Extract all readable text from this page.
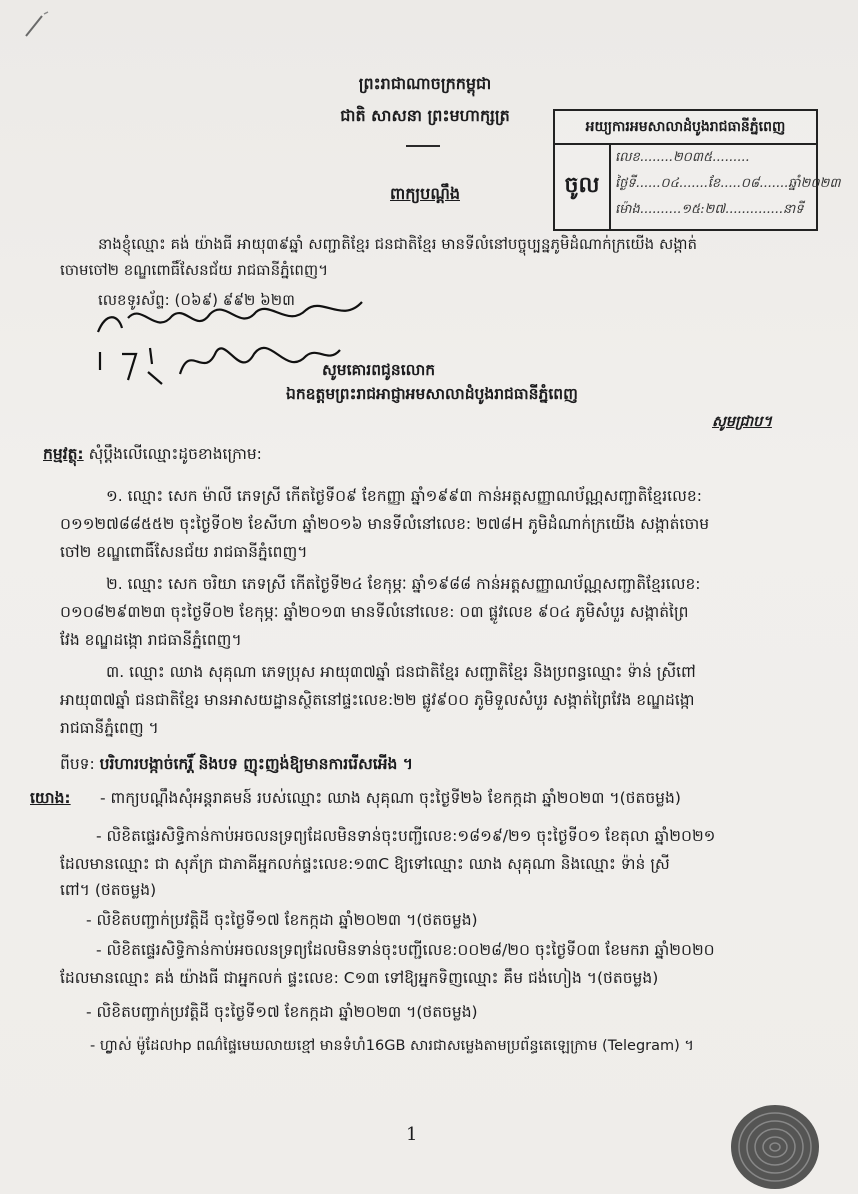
ព្រះរាជាណាចក្រកម្ពុជា
ជាតិ សាសនា ព្រះមហាក្សត្រ
ពាក្យបណ្តឹង
អយ្យការអមសាលាដំបូងរាជធានីភ្នំពេញ
ចូល
លេខ........២០៣៥.........
ថ្ងៃទី......០៤.......ខែ.....០៨.......ឆ្នាំ២០២៣
ម៉ោង..........១៥:២៧..............នាទី
នាងខ្ញុំឈ្មោះ គង់ យ៉ាងធី អាយុ៣៩ឆ្នាំ សញ្ជាតិខ្មែរ ជនជាតិខ្មែរ មានទីលំនៅបច្ចុប្បន្នភូមិដំណាក់ក្រយើង សង្កាត់
ចោមចៅ២ ខណ្ឌពោធិ៍សែនជ័យ រាជធានីភ្នំពេញ។
លេខទូរស័ព្ទ: (០៦៩) ៩៩២ ៦២៣
សូមគោរពជូនលោក
ឯកឧត្តមព្រះរាជអាជ្ញាអមសាលាដំបូងរាជធានីភ្នំពេញ
សូមជ្រាប។
កម្មវត្ថុ: សុំប្តឹងលើឈ្មោះដូចខាងក្រោម:
១. ឈ្មោះ សេក ម៉ាលី ភេទស្រី កើតថ្ងៃទី០៩ ខែកញ្ញា ឆ្នាំ១៩៩៣ កាន់អត្តសញ្ញាណប័ណ្ណសញ្ជាតិខ្មែរលេខ:
០១១២៧៨៨៥៥២ ចុះថ្ងៃទី០២ ខែសីហា ឆ្នាំ២០១៦ មានទីលំនៅលេខ: ២៧៨H ភូមិដំណាក់ក្រយើង សង្កាត់ចោម
ចៅ២ ខណ្ឌពោធិ៍សែនជ័យ រាជធានីភ្នំពេញ។
២. ឈ្មោះ សេក ចរិយា ភេទស្រី កើតថ្ងៃទី២៤ ខែកុម្ភៈ ឆ្នាំ១៩៨៨ កាន់អត្តសញ្ញាណប័ណ្ណសញ្ជាតិខ្មែរលេខ:
០១០៨២៩៣២៣ ចុះថ្ងៃទី០២ ខែកុម្ភៈ ឆ្នាំ២០១៣ មានទីលំនៅលេខ: ០៣ ផ្លូវលេខ ៩០៤ ភូមិសំបួរ សង្កាត់ព្រៃ
វែង ខណ្ឌដង្កោ រាជធានីភ្នំពេញ។
៣. ឈ្មោះ ឈាង សុគុណា ភេទប្រុស អាយុ៣៧ឆ្នាំ ជនជាតិខ្មែរ សញ្ជាតិខ្មែរ និងប្រពន្ធឈ្មោះ ទ៉ាន់ ស្រីពៅ
អាយុ៣៧ឆ្នាំ ជនជាតិខ្មែរ មានអាសយដ្ឋានស្ថិតនៅផ្ទះលេខ:២២ ផ្លូវ៩០០ ភូមិទួលសំបួរ សង្កាត់ព្រៃវែង ខណ្ឌដង្កោ
រាជធានីភ្នំពេញ ។
ពីបទ: បរិហារបង្កាច់កេរ្តិ៍ និងបទ ញុះញង់ឱ្យមានការរើសអើង ។
យោង: - ពាក្យបណ្តឹងសុំអន្តរាគមន៍ របស់ឈ្មោះ ឈាង សុគុណា ចុះថ្ងៃទី២៦ ខែកក្កដា ឆ្នាំ២០២៣ ។(ថតចម្លង)
- លិខិតផ្ទេរសិទ្ធិកាន់កាប់អចលនទ្រព្យដែលមិនទាន់ចុះបញ្ជីលេខ:១៨១៩/២១ ចុះថ្ងៃទី០១ ខែតុលា ឆ្នាំ២០២១
ដែលមានឈ្មោះ ជា សុភ័ក្រ ជាភាគីអ្នកលក់ផ្ទះលេខ:១៣C ឱ្យទៅឈ្មោះ ឈាង សុគុណា និងឈ្មោះ ទ៉ាន់ ស្រី
ពៅ។ (ថតចម្លង)
- លិខិតបញ្ជាក់ប្រវត្តិដី ចុះថ្ងៃទី១៧ ខែកក្កដា ឆ្នាំ២០២៣ ។(ថតចម្លង)
- លិខិតផ្ទេរសិទ្ធិកាន់កាប់អចលនទ្រព្យដែលមិនទាន់ចុះបញ្ជីលេខ:០០២៨/២០ ចុះថ្ងៃទី០៣ ខែមករា ឆ្នាំ២០២០
ដែលមានឈ្មោះ គង់ យ៉ាងធី ជាអ្នកលក់ ផ្ទះលេខ: C១៣ ទៅឱ្យអ្នកទិញឈ្មោះ គឹម ជង់ហៀង ។(ថតចម្លង)
- លិខិតបញ្ជាក់ប្រវត្តិដី ចុះថ្ងៃទី១៧ ខែកក្កដា ឆ្នាំ២០២៣ ។(ថតចម្លង)
- ហ្វ្លាស់ ម៉ូដែលhp ពណ៌ផ្ទៃមេឃលាយខ្មៅ មានទំហំ16GB សារជាសម្លេងតាមប្រព័ន្ធតេឡេក្រាម (Telegram) ។
1
